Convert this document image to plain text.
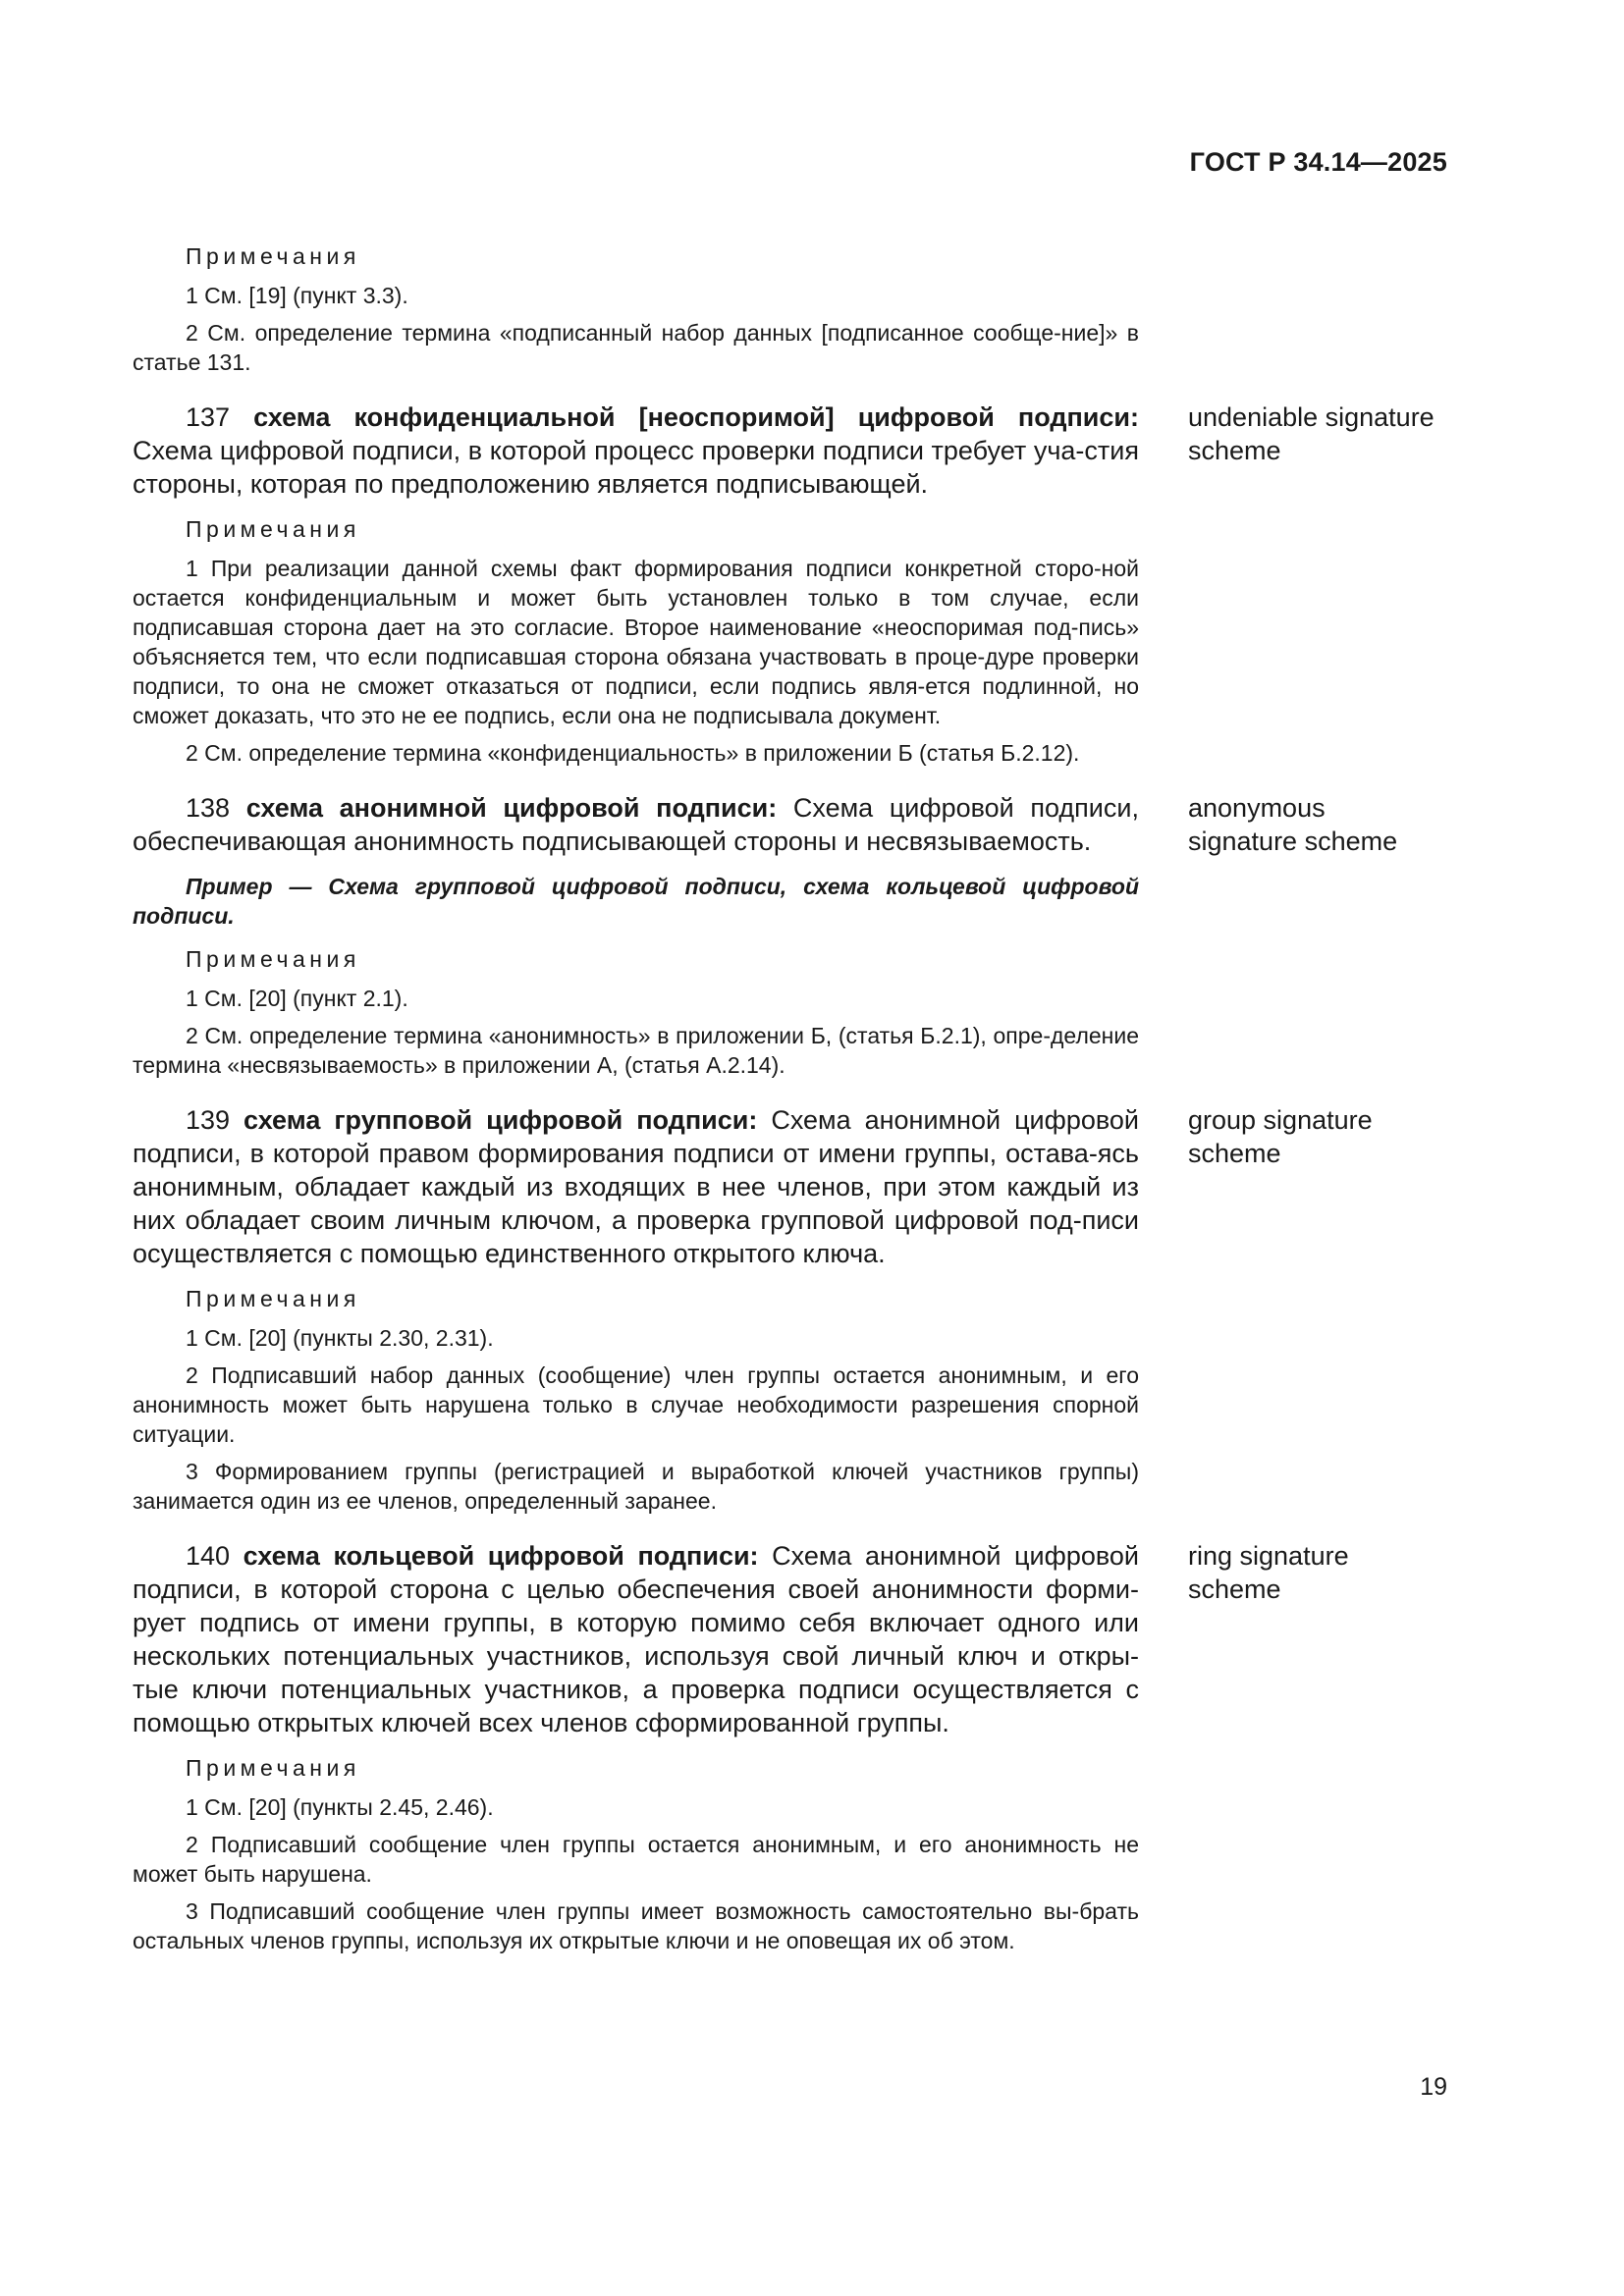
ГОСТ Р 34.14—2025
Примечания

1 См. [19] (пункт 3.3).

2 См. определение термина «подписанный набор данных [подписанное сообще-ние]» в статье 131.

137 схема конфиденциальной [неоспоримой] цифровой подписи: Схема цифровой подписи, в которой процесс проверки подписи требует уча-стия стороны, которая по предположению является подписывающей.

undeniable signature scheme
Примечания

1 При реализации данной схемы факт формирования подписи конкретной сторо-ной остается конфиденциальным и может быть установлен только в том случае, если подписавшая сторона дает на это согласие. Второе наименование «неоспоримая под-пись» объясняется тем, что если подписавшая сторона обязана участвовать в проце-дуре проверки подписи, то она не сможет отказаться от подписи, если подпись явля-ется подлинной, но сможет доказать, что это не ее подпись, если она не подписывала документ.

2 См. определение термина «конфиденциальность» в приложении Б (статья Б.2.12).

138 схема анонимной цифровой подписи: Схема цифровой подписи, обеспечивающая анонимность подписывающей стороны и несвязываемость.

anonymous signature scheme

Пример — Схема групповой цифровой подписи, схема кольцевой цифровой подписи.

Примечания

1 См. [20] (пункт 2.1).

2 См. определение термина «анонимность» в приложении Б, (статья Б.2.1), опре-деление термина «несвязываемость» в приложении А, (статья А.2.14).

139 схема групповой цифровой подписи: Схема анонимной цифровой подписи, в которой правом формирования подписи от имени группы, остава-ясь анонимным, обладает каждый из входящих в нее членов, при этом каждый из них обладает своим личным ключом, а проверка групповой цифровой под-писи осуществляется с помощью единственного открытого ключа.

group signature scheme
Примечания

1 См. [20] (пункты 2.30, 2.31).

2 Подписавший набор данных (сообщение) член группы остается анонимным, и его анонимность может быть нарушена только в случае необходимости разрешения спорной ситуации.

3 Формированием группы (регистрацией и выработкой ключей участников группы) занимается один из ее членов, определенный заранее.

140 схема кольцевой цифровой подписи: Схема анонимной цифровой подписи, в которой сторона с целью обеспечения своей анонимности форми-рует подпись от имени группы, в которую помимо себя включает одного или нескольких потенциальных участников, используя свой личный ключ и откры-тые ключи потенциальных участников, а проверка подписи осуществляется с помощью открытых ключей всех членов сформированной группы.

ring signature scheme
Примечания

1 См. [20] (пункты 2.45, 2.46).

2 Подписавший сообщение член группы остается анонимным, и его анонимность не может быть нарушена.

3 Подписавший сообщение член группы имеет возможность самостоятельно вы-брать остальных членов группы, используя их открытые ключи и не оповещая их об этом.

19
